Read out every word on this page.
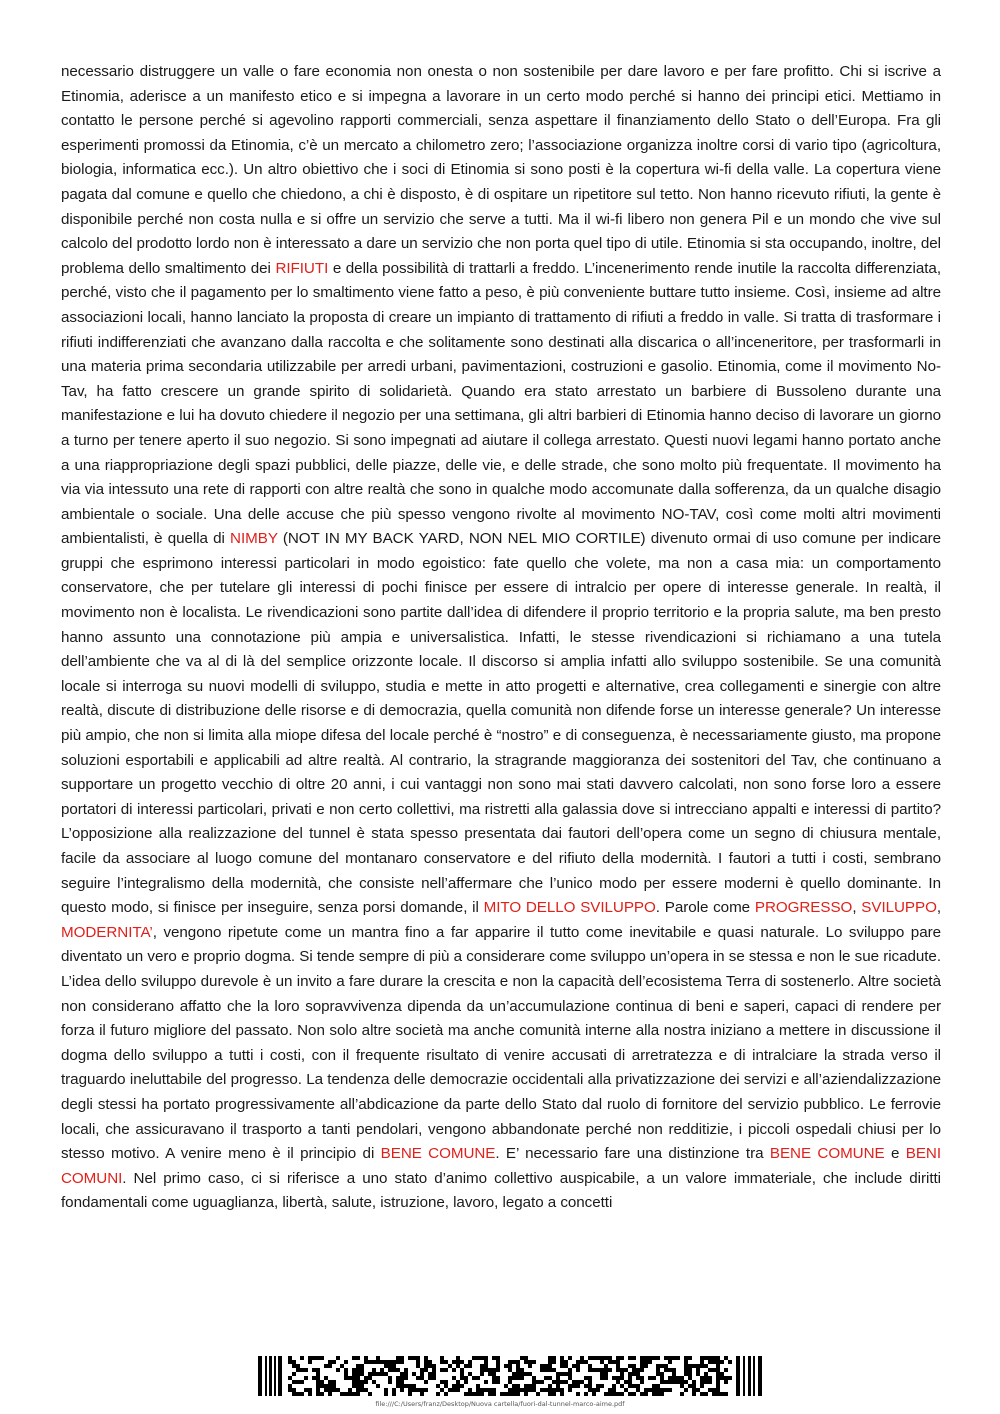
necessario distruggere un valle o fare economia non onesta o non sostenibile per dare lavoro e per fare profitto. Chi si iscrive a Etinomia, aderisce a un manifesto etico e si impegna a lavorare in un certo modo perché si hanno dei principi etici. Mettiamo in contatto le persone perché si agevolino rapporti commerciali, senza aspettare il finanziamento dello Stato o dell’Europa. Fra gli esperimenti promossi da Etinomia, c’è un mercato a chilometro zero; l’associazione organizza inoltre corsi di vario tipo (agricoltura, biologia, informatica ecc.). Un altro obiettivo che i soci di Etinomia si sono posti è la copertura wi-fi della valle. La copertura viene pagata dal comune e quello che chiedono, a chi è disposto, è di ospitare un ripetitore sul tetto. Non hanno ricevuto rifiuti, la gente è disponibile perché non costa nulla e si offre un servizio che serve a tutti. Ma il wi-fi libero non genera Pil e un mondo che vive sul calcolo del prodotto lordo non è interessato a dare un servizio che non porta quel tipo di utile. Etinomia si sta occupando, inoltre, del problema dello smaltimento dei RIFIUTI e della possibilità di trattarli a freddo. L’incenerimento rende inutile la raccolta differenziata, perché, visto che il pagamento per lo smaltimento viene fatto a peso, è più conveniente buttare tutto insieme. Così, insieme ad altre associazioni locali, hanno lanciato la proposta di creare un impianto di trattamento di rifiuti a freddo in valle. Si tratta di trasformare i rifiuti indifferenziati che avanzano dalla raccolta e che solitamente sono destinati alla discarica o all’inceneritore, per trasformarli in una materia prima secondaria utilizzabile per arredi urbani, pavimentazioni, costruzioni e gasolio. Etinomia, come il movimento No-Tav, ha fatto crescere un grande spirito di solidarietà. Quando era stato arrestato un barbiere di Bussoleno durante una manifestazione e lui ha dovuto chiedere il negozio per una settimana, gli altri barbieri di Etinomia hanno deciso di lavorare un giorno a turno per tenere aperto il suo negozio. Si sono impegnati ad aiutare il collega arrestato. Questi nuovi legami hanno portato anche a una riappropriazione degli spazi pubblici, delle piazze, delle vie, e delle strade, che sono molto più frequentate. Il movimento ha via via intessuto una rete di rapporti con altre realtà che sono in qualche modo accomunate dalla sofferenza, da un qualche disagio ambientale o sociale. Una delle accuse che più spesso vengono rivolte al movimento NO-TAV, così come molti altri movimenti ambientalisti, è quella di NIMBY (NOT IN MY BACK YARD, NON NEL MIO CORTILE) divenuto ormai di uso comune per indicare gruppi che esprimono interessi particolari in modo egoistico: fate quello che volete, ma non a casa mia: un comportamento conservatore, che per tutelare gli interessi di pochi finisce per essere di intralcio per opere di interesse generale. In realtà, il movimento non è localista. Le rivendicazioni sono partite dall’idea di difendere il proprio territorio e la propria salute, ma ben presto hanno assunto una connotazione più ampia e universalistica. Infatti, le stesse rivendicazioni si richiamano a una tutela dell’ambiente che va al di là del semplice orizzonte locale. Il discorso si amplia infatti allo sviluppo sostenibile. Se una comunità locale si interroga su nuovi modelli di sviluppo, studia e mette in atto progetti e alternative, crea collegamenti e sinergie con altre realtà, discute di distribuzione delle risorse e di democrazia, quella comunità non difende forse un interesse generale? Un interesse più ampio, che non si limita alla miope difesa del locale perché è “nostro” e di conseguenza, è necessariamente giusto, ma propone soluzioni esportabili e applicabili ad altre realtà. Al contrario, la stragrande maggioranza dei sostenitori del Tav, che continuano a supportare un progetto vecchio di oltre 20 anni, i cui vantaggi non sono mai stati davvero calcolati, non sono forse loro a essere portatori di interessi particolari, privati e non certo collettivi, ma ristretti alla galassia dove si intrecciano appalti e interessi di partito? L’opposizione alla realizzazione del tunnel è stata spesso presentata dai fautori dell’opera come un segno di chiusura mentale, facile da associare al luogo comune del montanaro conservatore e del rifiuto della modernità. I fautori a tutti i costi, sembrano seguire l’integralismo della modernità, che consiste nell’affermare che l’unico modo per essere moderni è quello dominante. In questo modo, si finisce per inseguire, senza porsi domande, il MITO DELLO SVILUPPO. Parole come PROGRESSO, SVILUPPO, MODERNITA’, vengono ripetute come un mantra fino a far apparire il tutto come inevitabile e quasi naturale. Lo sviluppo pare diventato un vero e proprio dogma. Si tende sempre di più a considerare come sviluppo un’opera in se stessa e non le sue ricadute. L’idea dello sviluppo durevole è un invito a fare durare la crescita e non la capacità dell’ecosistema Terra di sostenerlo. Altre società non considerano affatto che la loro sopravvivenza dipenda da un’accumulazione continua di beni e saperi, capaci di rendere per forza il futuro migliore del passato. Non solo altre società ma anche comunità interne alla nostra iniziano a mettere in discussione il dogma dello sviluppo a tutti i costi, con il frequente risultato di venire accusati di arretratezza e di intralciare la strada verso il traguardo ineluttabile del progresso. La tendenza delle democrazie occidentali alla privatizzazione dei servizi e all’aziendalizzazione degli stessi ha portato progressivamente all’abdicazione da parte dello Stato dal ruolo di fornitore del servizio pubblico. Le ferrovie locali, che assicuravano il trasporto a tanti pendolari, vengono abbandonate perché non redditizie, i piccoli ospedali chiusi per lo stesso motivo. A venire meno è il principio di BENE COMUNE. E’ necessario fare una distinzione tra BENE COMUNE e BENI COMUNI. Nel primo caso, ci si riferisce a uno stato d’animo collettivo auspicabile, a un valore immateriale, che include diritti fondamentali come uguaglianza, libertà, salute, istruzione, lavoro, legato a concetti

file:///C:/Users/franz/Desktop/Nuova cartella/fuori-dal-tunnel-marco-aime.pdf
